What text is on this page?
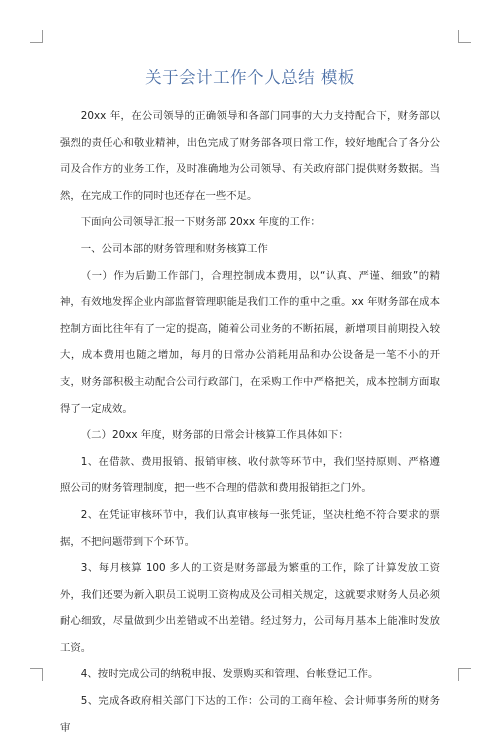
关于会计工作个人总结 模板

20xx 年，在公司领导的正确领导和各部门同事的大力支持配合下，财务部以强烈的责任心和敬业精神，出色完成了财务部各项日常工作，较好地配合了各分公司及合作方的业务工作，及时准确地为公司领导、有关政府部门提供财务数据。当然，在完成工作的同时也还存在一些不足。

下面向公司领导汇报一下财务部 20xx 年度的工作：

一、公司本部的财务管理和财务核算工作

（一）作为后勤工作部门，合理控制成本费用，以“认真、严谨、细致”的精神，有效地发挥企业内部监督管理职能是我们工作的重中之重。xx 年财务部在成本控制方面比往年有了一定的提高，随着公司业务的不断拓展，新增项目前期投入较大，成本费用也随之增加，每月的日常办公消耗用品和办公设备是一笔不小的开支，财务部积极主动配合公司行政部门，在采购工作中严格把关，成本控制方面取得了一定成效。

（二）20xx 年度，财务部的日常会计核算工作具体如下：

1、在借款、费用报销、报销审核、收付款等环节中，我们坚持原则、严格遵照公司的财务管理制度，把一些不合理的借款和费用报销拒之门外。

2、在凭证审核环节中，我们认真审核每一张凭证，坚决杜绝不符合要求的票据，不把问题带到下个环节。

3、每月核算 100 多人的工资是财务部最为繁重的工作，除了计算发放工资外，我们还要为新入职员工说明工资构成及公司相关规定，这就要求财务人员必须耐心细致，尽量做到少出差错或不出差错。经过努力，公司每月基本上能准时发放工资。

4、按时完成公司的纳税申报、发票购买和管理、台帐登记工作。

5、完成各政府相关部门下达的工作：公司的工商年检、会计师事务所的财务审
